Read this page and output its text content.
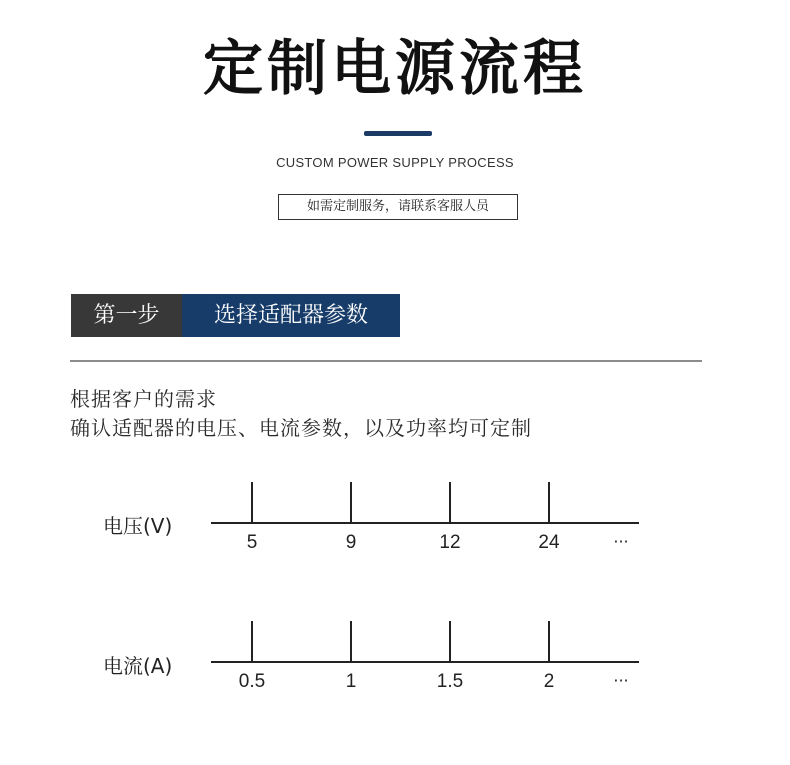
定制电源流程
CUSTOM POWER SUPPLY PROCESS
如需定制服务，请联系客服人员
第一步	选择适配器参数
根据客户的需求
确认适配器的电压、电流参数，以及功率均可定制
电压(V)
5	9	12	24	···
电流(A)
0.5	1	1.5	2	···
